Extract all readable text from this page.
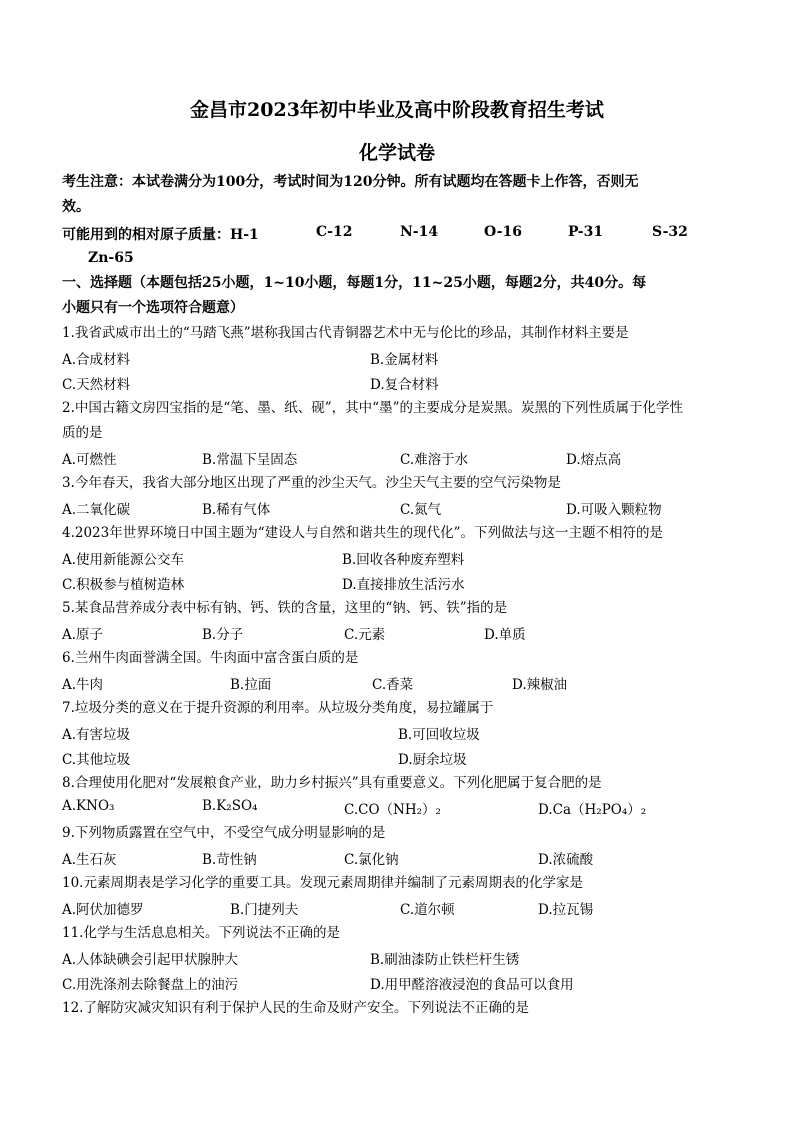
金昌市2023年初中毕业及高中阶段教育招生考试
化学试卷
考生注意：本试卷满分为100分，考试时间为120分钟。所有试题均在答题卡上作答，否则无
效。
可能用到的相对原子质量：H-1	C-12	N-14	O-16	P-31	S-32
Zn-65
一、选择题（本题包括25小题，1~10小题，每题1分，11~25小题，每题2分，共40分。每
小题只有一个选项符合题意）
1.我省武威市出土的“马踏飞燕”堪称我国古代青铜器艺术中无与伦比的珍品，其制作材料主要是
A.合成材料	B.金属材料
C.天然材料	D.复合材料
2.中国古籍文房四宝指的是“笔、墨、纸、砚”，其中“墨”的主要成分是炭黑。炭黑的下列性质属于化学性
质的是
A.可燃性	B.常温下呈固态	C.难溶于水	D.熔点高
3.今年春天，我省大部分地区出现了严重的沙尘天气。沙尘天气主要的空气污染物是
A.二氧化碳	B.稀有气体	C.氮气	D.可吸入颗粒物
4.2023年世界环境日中国主题为“建设人与自然和谐共生的现代化”。下列做法与这一主题不相符的是
A.使用新能源公交车	B.回收各种废弃塑料
C.积极参与植树造林	D.直接排放生活污水
5.某食品营养成分表中标有钠、钙、铁的含量，这里的“钠、钙、铁”指的是
A.原子	B.分子	C.元素	D.单质
6.兰州牛肉面誉满全国。牛肉面中富含蛋白质的是
A.牛肉	B.拉面	C.香菜	D.辣椒油
7.垃圾分类的意义在于提升资源的利用率。从垃圾分类角度，易拉罐属于
A.有害垃圾	B.可回收垃圾
C.其他垃圾	D.厨余垃圾
8.合理使用化肥对“发展粮食产业，助力乡村振兴”具有重要意义。下列化肥属于复合肥的是
A.KNO₃	B.K₂SO₄	C.CO（NH₂）₂	D.Ca（H₂PO₄）₂
9.下列物质露置在空气中，不受空气成分明显影响的是
A.生石灰	B.苛性钠	C.氯化钠	D.浓硫酸
10.元素周期表是学习化学的重要工具。发现元素周期律并编制了元素周期表的化学家是
A.阿伏加德罗	B.门捷列夫	C.道尔顿	D.拉瓦锡
11.化学与生活息息相关。下列说法不正确的是
A.人体缺碘会引起甲状腺肿大	B.刷油漆防止铁栏杆生锈
C.用洗涤剂去除餐盘上的油污	D.用甲醛溶液浸泡的食品可以食用
12.了解防灾减灾知识有利于保护人民的生命及财产安全。下列说法不正确的是
